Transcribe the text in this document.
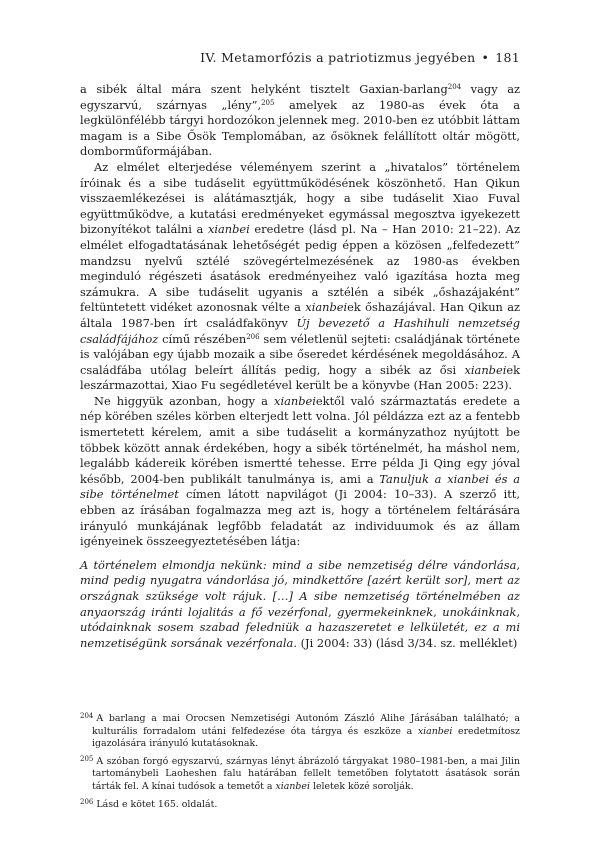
IV. Metamorfózis a patriotizmus jegyében • 181

a sibék által mára szent helyként tisztelt Gaxian-barlang$^{204}$ vagy az egyszarvú, szárnyas „lény”,$^{205}$ amelyek az 1980-as évek óta a legkülönfélébb tárgyi hordozókon jelennek meg. 2010-ben ez utóbbit láttam magam is a Sibe Ősök Templomában, az ősöknek felállított oltár mögött, domborműformájában.

Az elmélet elterjedése véleményem szerint a „hivatalos” történelem íróinak és a sibe tudáselit együttműködésének köszönhető. Han Qikun visszaemlékezései is alátámasztják, hogy a sibe tudáselit Xiao Fuval együttműködve, a kutatási eredményeket egymással megosztva igyekezett bizonyítékot találni a xianbei eredetre (lásd pl. Na – Han 2010: 21–22). Az elmélet elfogadtatásának lehetőségét pedig éppen a közösen „felfedezett” mandzsu nyelvű sztélé szövegértelmezésének az 1980-as években meginduló régészeti ásatások eredményeihez való igazítása hozta meg számukra. A sibe tudáselit ugyanis a sztélén a sibék „őshazájaként” feltüntetett vidéket azonosnak vélte a xianbeiek őshazájával. Han Qikun az általa 1987-ben írt családfakönyv Új bevezető a Hashihuli nemzetség családfájához című részében$^{206}$ sem véletlenül sejteti: családjának története is valójában egy újabb mozaik a sibe őseredet kérdésének megoldásához. A családfába utólag beleírt állítás pedig, hogy a sibék az ősi xianbeiek leszármazottai, Xiao Fu segédletével került be a könyvbe (Han 2005: 223).

Ne higgyük azonban, hogy a xianbeiektől való származtatás eredete a nép körében széles körben elterjedt lett volna. Jól példázza ezt az a fentebb ismertetett kérelem, amit a sibe tudáselit a kormányzathoz nyújtott be többek között annak érdekében, hogy a sibék történelmét, ha máshol nem, legalább kádereik körében ismertté tehesse. Erre példa Ji Qing egy jóval később, 2004-ben publikált tanulmánya is, ami a Tanuljuk a xianbei és a sibe történelmet címen látott napvilágot (Ji 2004: 10–33). A szerző itt, ebben az írásában fogalmazza meg azt is, hogy a történelem feltárására irányuló munkájának legfőbb feladatát az individuumok és az állam igényeinek összeegyeztetésében látja:

A történelem elmondja nekünk: mind a sibe nemzetiség délre vándorlása, mind pedig nyugatra vándorlása jó, mindkettőre [azért került sor], mert az országnak szüksége volt rájuk. […] A sibe nemzetiség történelmében az anyaország iránti lojalitás a fő vezérfonal, gyermekeinknek, unokáinknak, utódainknak sosem szabad feledniük a hazaszeretet e lelkületét, ez a mi nemzetiségünk sorsának vezérfonala. (Ji 2004: 33) (lásd 3/34. sz. melléklet)
$^{204}$ A barlang a mai Orocsen Nemzetiségi Autonóm Zászló Alihe Járásában található; a kulturális forradalom utáni felfedezése óta tárgya és eszköze a xianbei eredetmítosz igazolására irányuló kutatásoknak.
$^{205}$ A szóban forgó egyszarvú, szárnyas lényt ábrázoló tárgyakat 1980–1981-ben, a mai Jilin tartománybeli Laoheshen falu határában fellelt temetőben folytatott ásatások során tárták fel. A kínai tudósok a temetőt a xianbei leletek közé sorolják.
$^{206}$ Lásd e kötet 165. oldalát.
